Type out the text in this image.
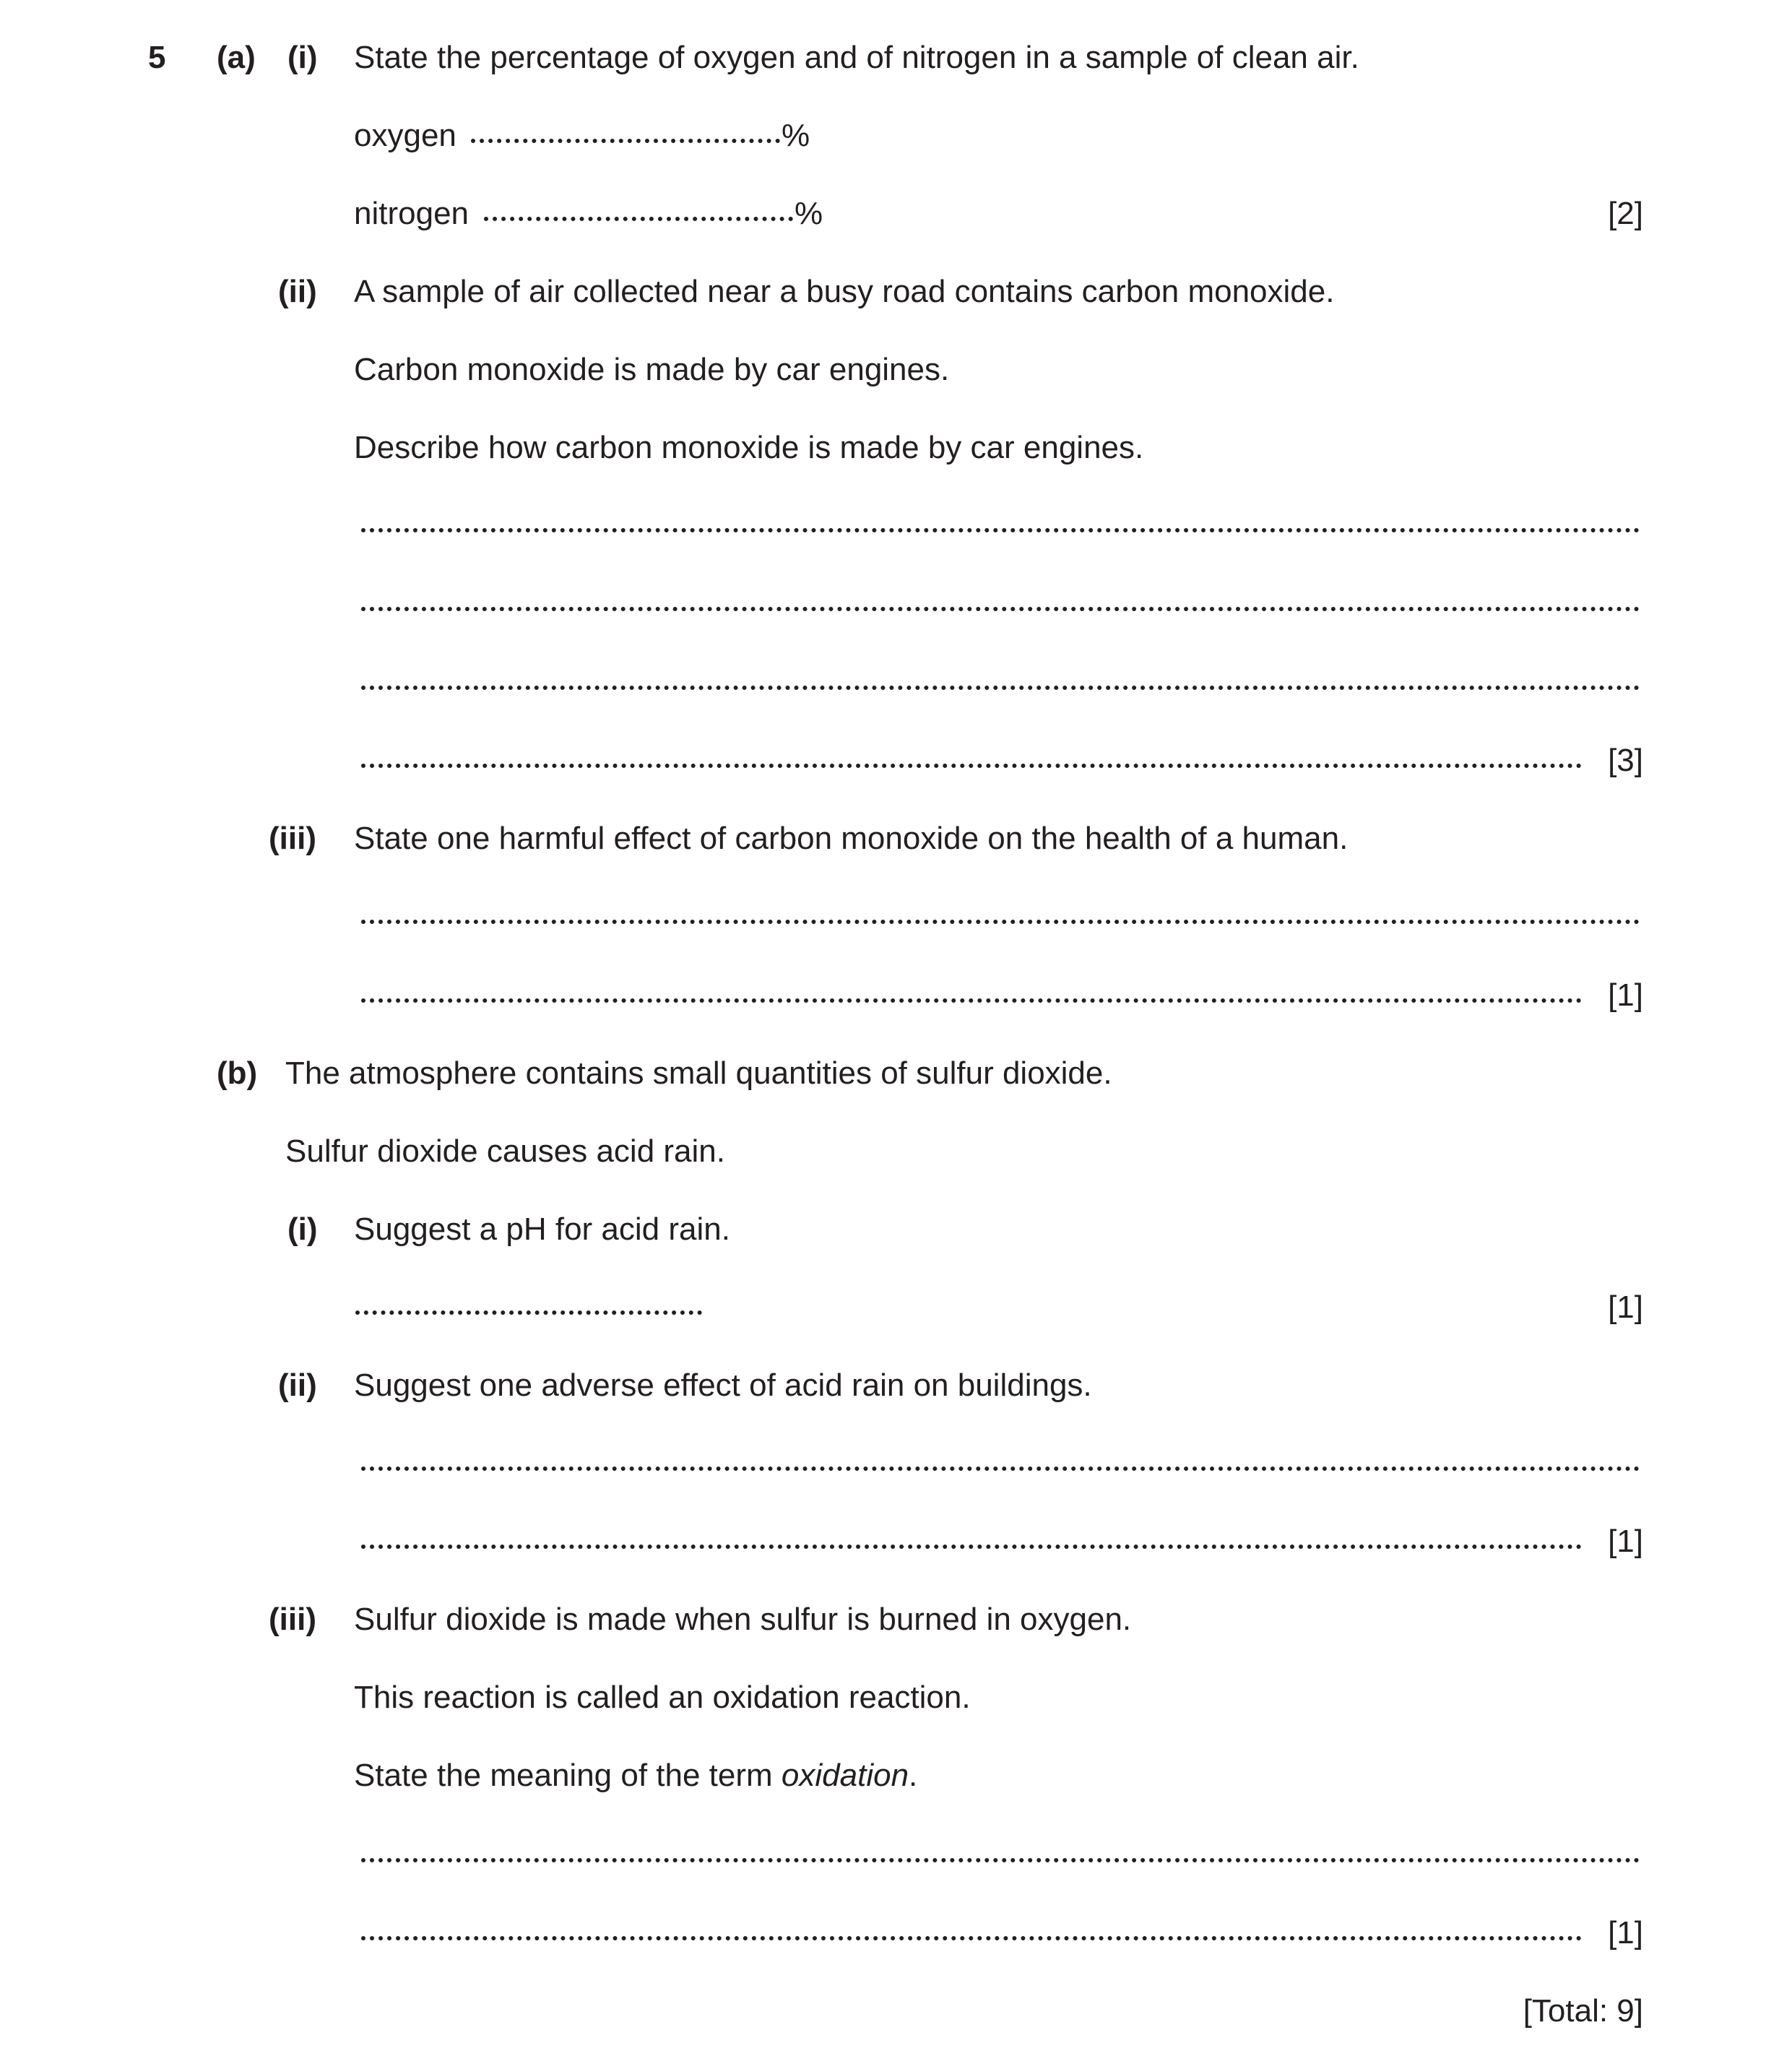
5 (a) (i) State the percentage of oxygen and of nitrogen in a sample of clean air.
oxygen	%
nitrogen	%	[2]
(ii) A sample of air collected near a busy road contains carbon monoxide.
Carbon monoxide is made by car engines.
Describe how carbon monoxide is made by car engines.
[3]
(iii) State one harmful effect of carbon monoxide on the health of a human.
[1]
(b) The atmosphere contains small quantities of sulfur dioxide.
Sulfur dioxide causes acid rain.
(i) Suggest a pH for acid rain.
[1]
(ii) Suggest one adverse effect of acid rain on buildings.
[1]
(iii) Sulfur dioxide is made when sulfur is burned in oxygen.
This reaction is called an oxidation reaction.
State the meaning of the term oxidation.
[1]
[Total: 9]
